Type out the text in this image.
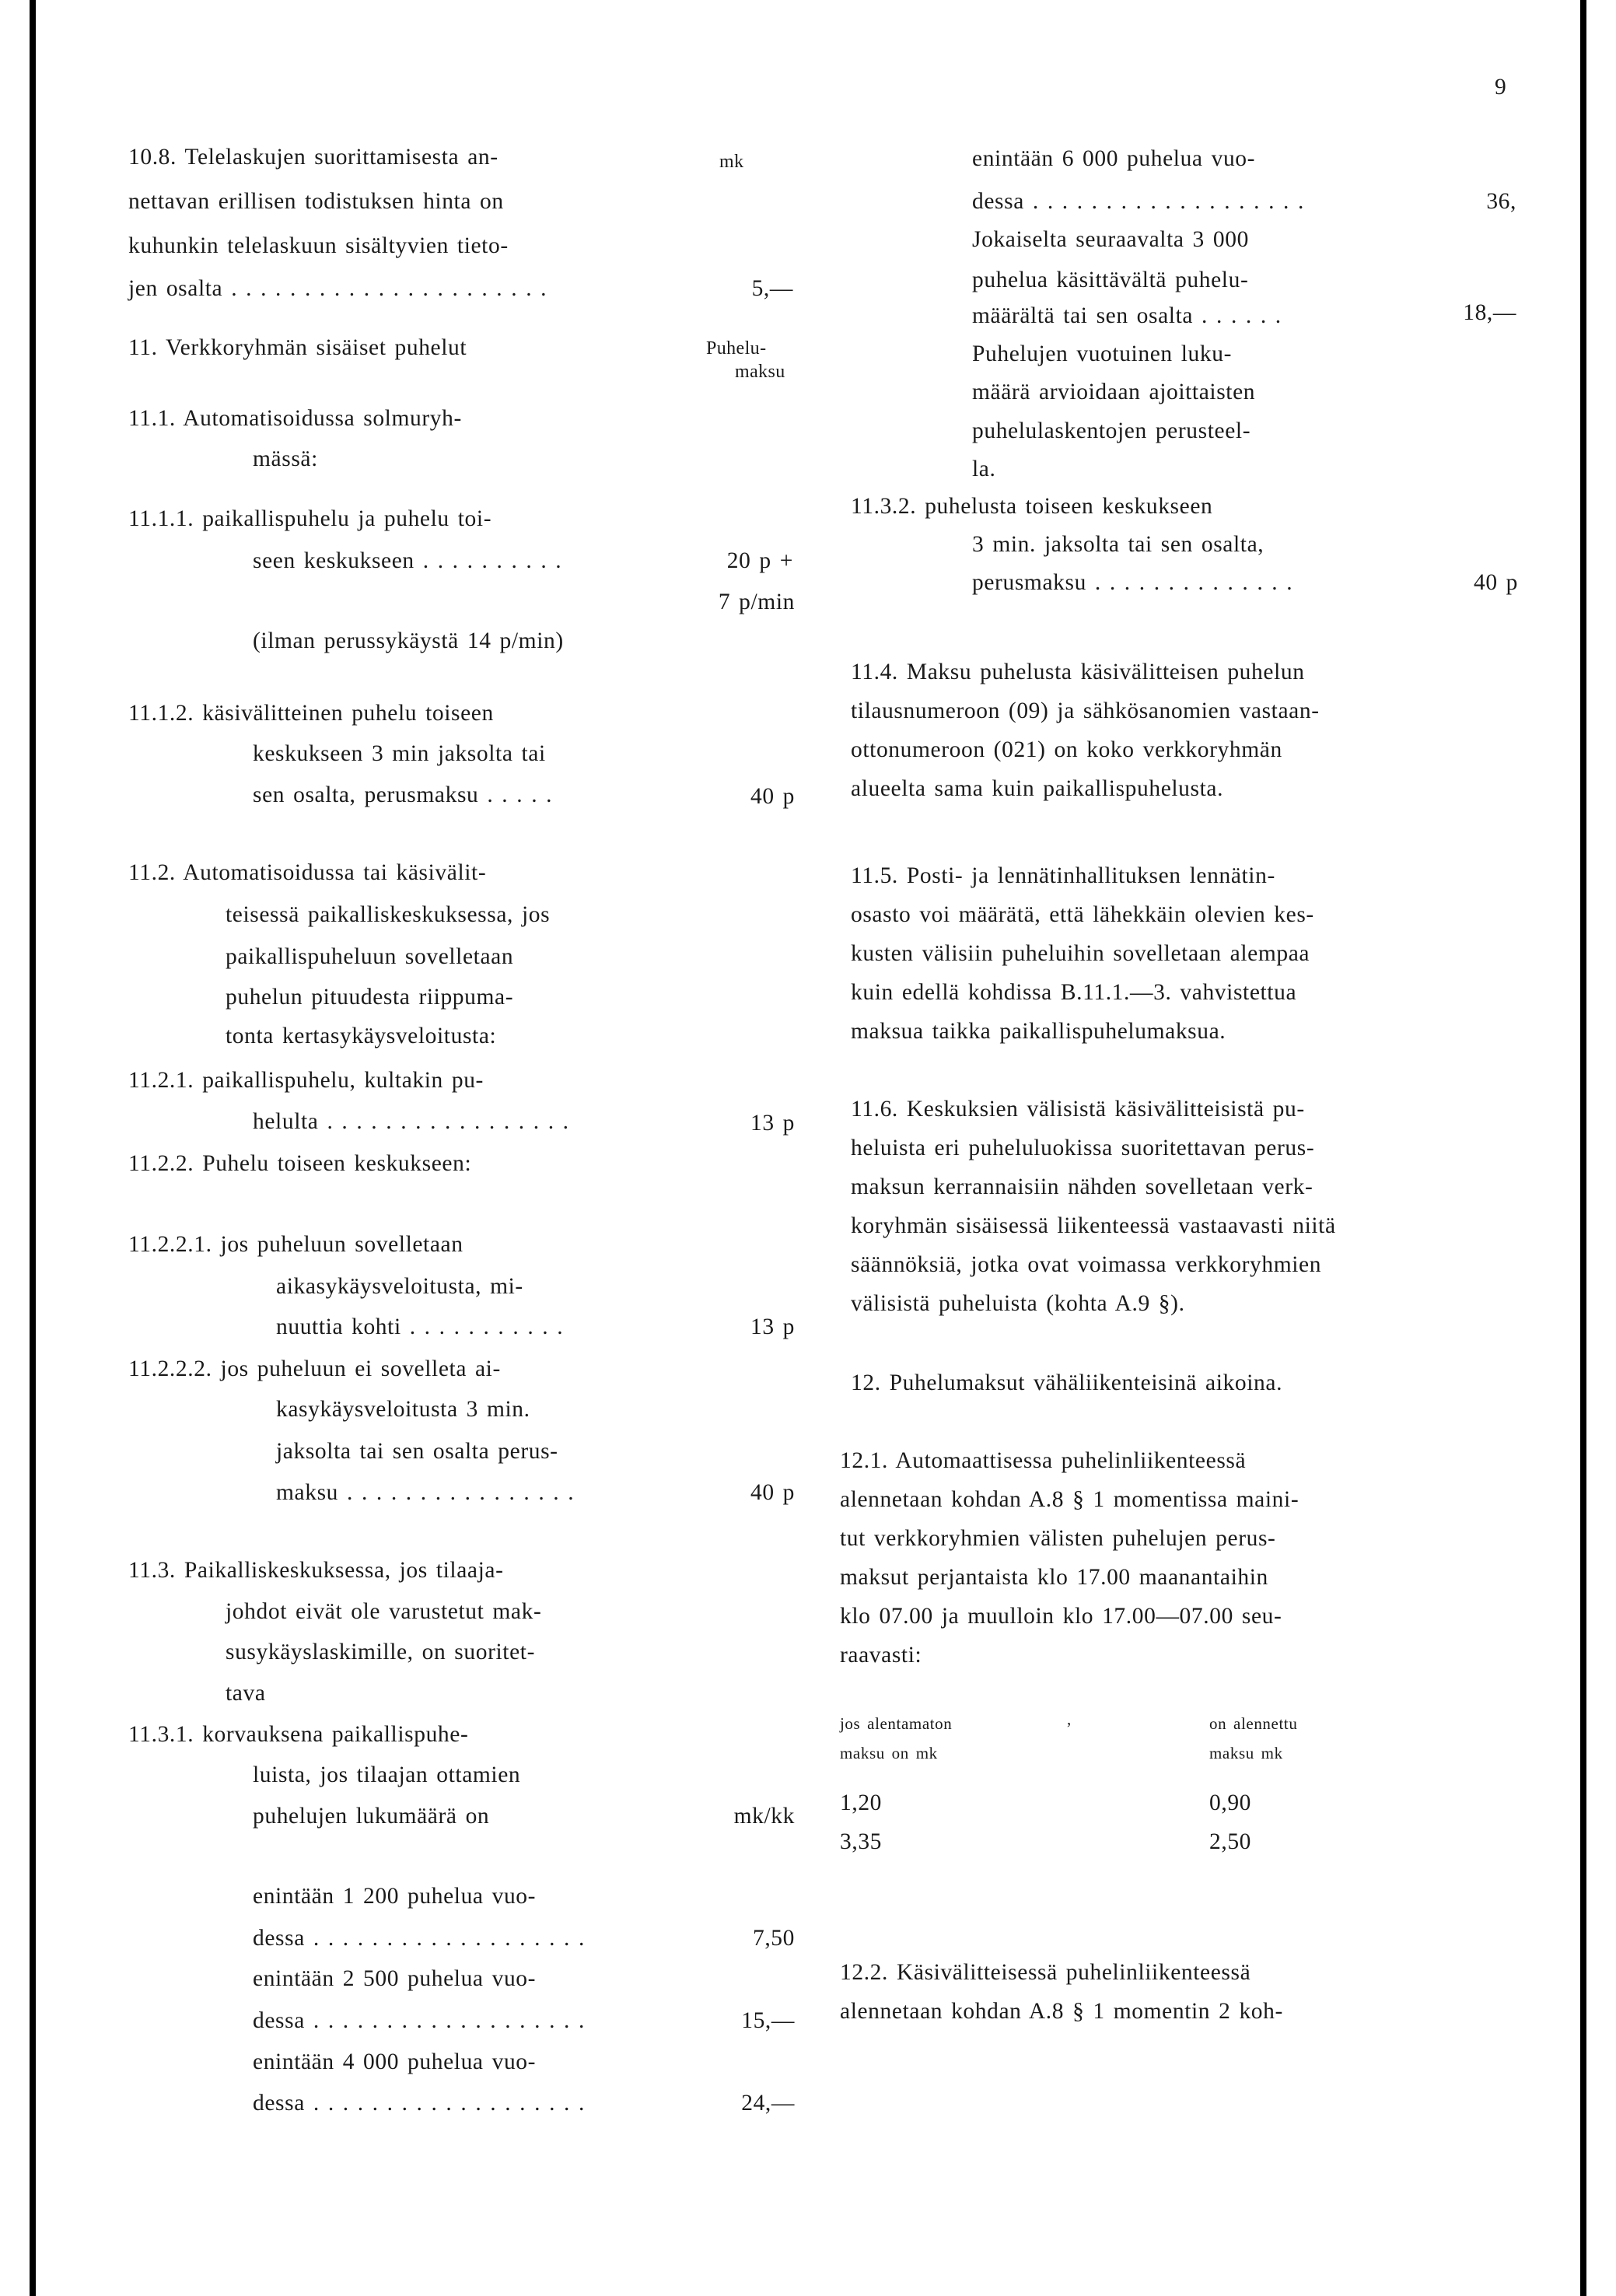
9
mk
10.8. Telelaskujen suorittamisesta an-
nettavan erillisen todistuksen hinta on
kuhunkin telelaskuun sisältyvien tieto-
jen osalta . . . . . . . . . . . . . . . . . . . . . .	5,—
11. Verkkoryhmän sisäiset puhelut	Puhelu-
maksu
11.1. Automatisoidussa solmuryh-
mässä:
11.1.1. paikallispuhelu ja puhelu toi-
seen keskukseen . . . . . . . . . .	20 p +
7 p/min
(ilman perussykäystä 14 p/min)
11.1.2. käsivälitteinen puhelu toiseen
keskukseen 3 min jaksolta tai
sen osalta, perusmaksu . . . . .	40 p
11.2. Automatisoidussa tai käsivälit-
teisessä paikalliskeskuksessa, jos
paikallispuheluun sovelletaan
puhelun pituudesta riippuma-
tonta kertasykäysveloitusta:
11.2.1. paikallispuhelu, kultakin pu-
helulta . . . . . . . . . . . . . . . . .	13 p
11.2.2. Puhelu toiseen keskukseen:
11.2.2.1. jos puheluun sovelletaan
aikasykäysveloitusta, mi-
nuuttia kohti . . . . . . . . . . .	13 p
11.2.2.2. jos puheluun ei sovelleta ai-
kasykäysveloitusta 3 min.
jaksolta tai sen osalta perus-
maksu . . . . . . . . . . . . . . . .	40 p
11.3. Paikalliskeskuksessa, jos tilaaja-
johdot eivät ole varustetut mak-
susykäyslaskimille, on suoritet-
tava
11.3.1. korvauksena paikallispuhe-
luista, jos tilaajan ottamien
puhelujen lukumäärä on	mk/kk
enintään 1 200 puhelua vuo-
dessa . . . . . . . . . . . . . . . . . . .	7,50
enintään 2 500 puhelua vuo-
dessa . . . . . . . . . . . . . . . . . . .	15,—
enintään 4 000 puhelua vuo-
dessa . . . . . . . . . . . . . . . . . . .	24,—
enintään 6 000 puhelua vuo-
dessa . . . . . . . . . . . . . . . . . . .	36,
Jokaiselta seuraavalta 3 000
puhelua käsittävältä puhelu-
määrältä tai sen osalta . . . . . .	18,—
Puhelujen vuotuinen luku-
määrä arvioidaan ajoittaisten
puhelulaskentojen perusteel-
la.
11.3.2. puhelusta toiseen keskukseen
3 min. jaksolta tai sen osalta,
perusmaksu . . . . . . . . . . . . . .	40 p
11.4. Maksu puhelusta käsivälitteisen puhelun
tilausnumeroon (09) ja sähkösanomien vastaan-
ottonumeroon (021) on koko verkkoryhmän
alueelta sama kuin paikallispuhelusta.
11.5. Posti- ja lennätinhallituksen lennätin-
osasto voi määrätä, että lähekkäin olevien kes-
kusten välisiin puheluihin sovelletaan alempaa
kuin edellä kohdissa B.11.1.—3. vahvistettua
maksua taikka paikallispuhelumaksua.
11.6. Keskuksien välisistä käsivälitteisistä pu-
heluista eri puheluluokissa suoritettavan perus-
maksun kerrannaisiin nähden sovelletaan verk-
koryhmän sisäisessä liikenteessä vastaavasti niitä
säännöksiä, jotka ovat voimassa verkkoryhmien
välisistä puheluista (kohta A.9 §).
12. Puhelumaksut vähäliikenteisinä aikoina.
12.1. Automaattisessa puhelinliikenteessä
alennetaan kohdan A.8 § 1 momentissa maini-
tut verkkoryhmien välisten puhelujen perus-
maksut perjantaista klo 17.00 maanantaihin
klo 07.00 ja muulloin klo 17.00—07.00 seu-
raavasti:
jos alentamaton
maksu on mk
,	on alennettu
maksu mk
1,20	0,90
3,35	2,50
12.2. Käsivälitteisessä puhelinliikenteessä
alennetaan kohdan A.8 § 1 momentin 2 koh-
